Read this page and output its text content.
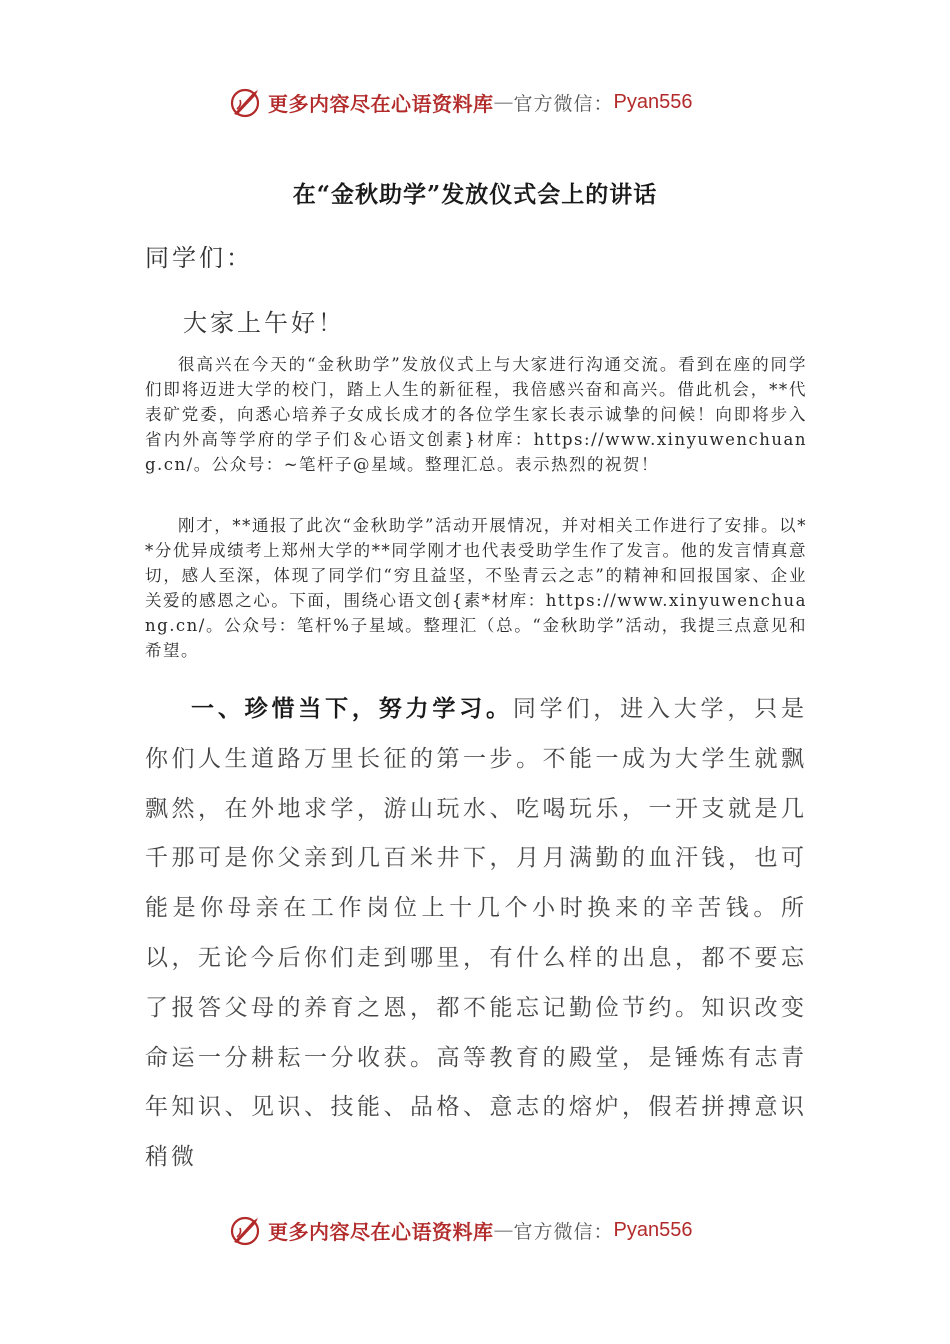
更多内容尽在心语资料库 — 官方微信： Pyan556
在“金秋助学”发放仪式会上的讲话
同学们：
大家上午好！

很高兴在今天的“金秋助学”发放仪式上与大家进行沟通交流。看到在座的同学们即将迈进大学的校门，踏上人生的新征程，我倍感兴奋和高兴。借此机会，**代表矿党委，向悉心培养子女成长成才的各位学生家长表示诚挚的问候！向即将步入省内外高等学府的学子们＆心语文创素}材库：https://www.xinyuwenchuang.cn/。公众号：~笔杆子@星域。整理汇总。表示热烈的祝贺！

刚才，**通报了此次“金秋助学”活动开展情况，并对相关工作进行了安排。以**分优异成绩考上郑州大学的**同学刚才也代表受助学生作了发言。他的发言情真意切，感人至深，体现了同学们“穷且益坚，不坠青云之志”的精神和回报国家、企业关爱的感恩之心。下面，围绕心语文创{素*材库：https://www.xinyuwenchuang.cn/。公众号：笔杆%子星域。整理汇（总。“金秋助学”活动，我提三点意见和希望。

一、珍惜当下，努力学习。同学们，进入大学，只是你们人生道路万里长征的第一步。不能一成为大学生就飘飘然，在外地求学，游山玩水、吃喝玩乐，一开支就是几千那可是你父亲到几百米井下，月月满勤的血汗钱，也可能是你母亲在工作岗位上十几个小时换来的辛苦钱。所以，无论今后你们走到哪里，有什么样的出息，都不要忘了报答父母的养育之恩，都不能忘记勤俭节约。知识改变命运一分耕耘一分收获。高等教育的殿堂，是锤炼有志青年知识、见识、技能、品格、意志的熔炉，假若拼搏意识稍微

更多内容尽在心语资料库 — 官方微信： Pyan556
